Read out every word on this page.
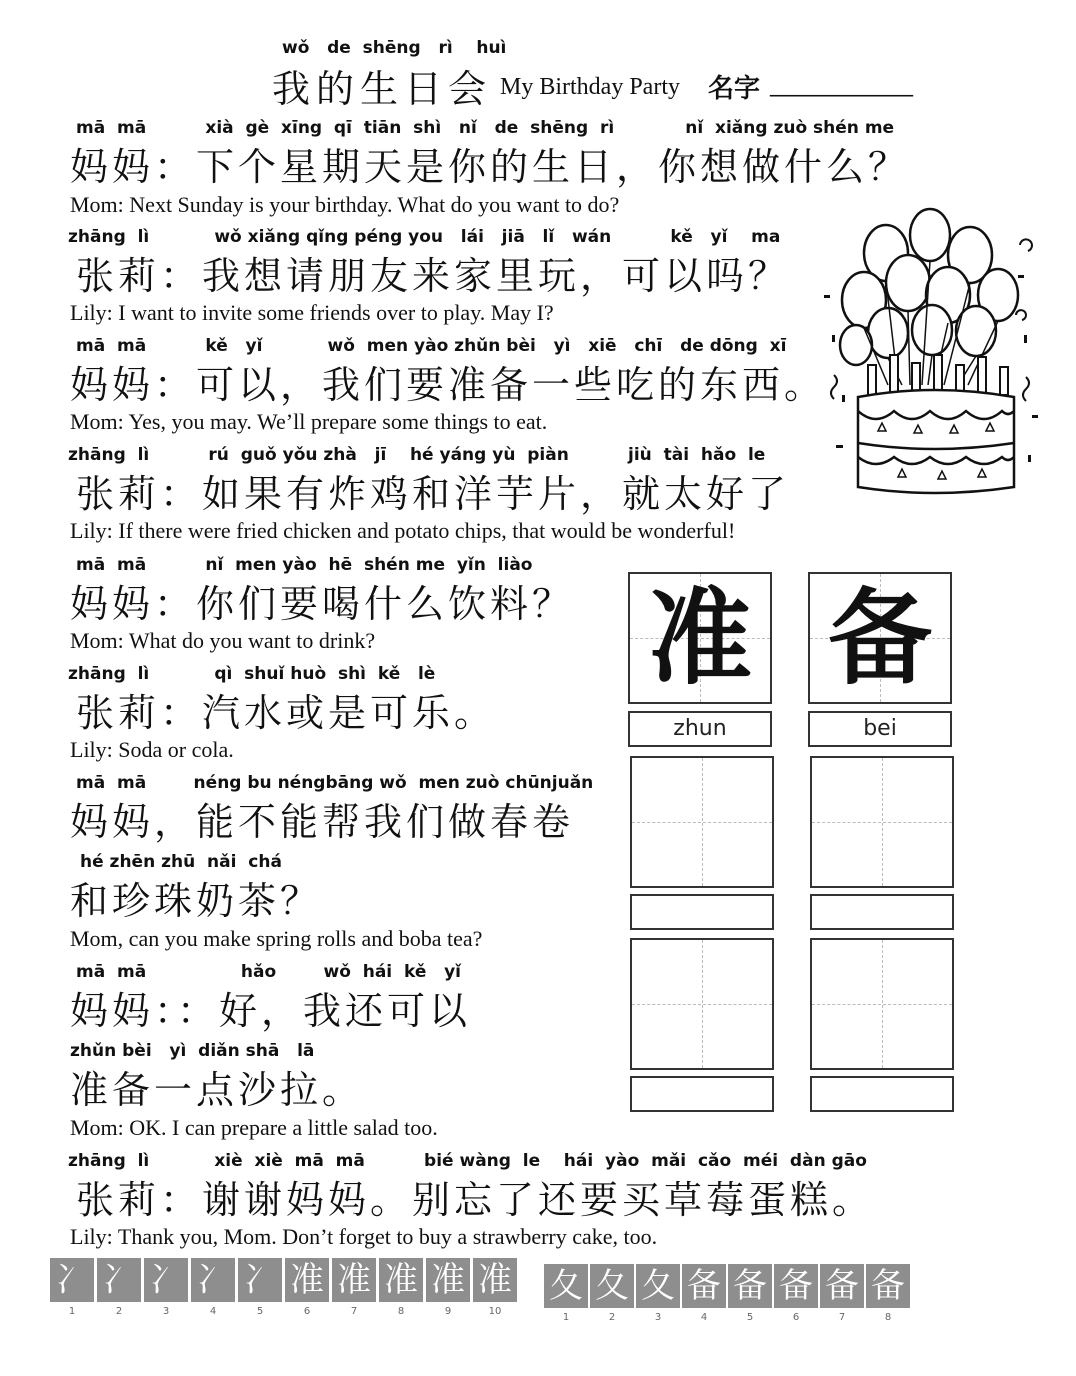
wǒ   de  shēng   rì    huì
我的生日会 My Birthday Party 名字 _____________
mā  mā          xià  gè  xīng  qī  tiān  shì   nǐ   de  shēng  rì            nǐ  xiǎng zuò shén me
妈妈：下个星期天是你的生日，你想做什么？
Mom: Next Sunday is your birthday. What do you want to do?
zhāng  lì           wǒ xiǎng qǐng péng you   lái   jiā   lǐ   wán          kě   yǐ    ma
张莉：我想请朋友来家里玩，可以吗？
Lily: I want to invite some friends over to play. May I?
mā  mā          kě   yǐ           wǒ  men yào zhǔn bèi   yì   xiē   chī   de dōng  xī
妈妈：可以，我们要准备一些吃的东西。
Mom: Yes, you may. We’ll prepare some things to eat.
zhāng  lì          rú  guǒ yǒu zhà   jī    hé yáng yù  piàn          jiù  tài  hǎo  le
张莉：如果有炸鸡和洋芋片，就太好了
Lily: If there were fried chicken and potato chips, that would be wonderful!
mā  mā          nǐ  men yào  hē  shén me  yǐn  liào
妈妈：你们要喝什么饮料？
Mom: What do you want to drink?
zhāng  lì           qì  shuǐ huò  shì  kě   lè
张莉：汽水或是可乐。
Lily: Soda or cola.
mā  mā        néng bu néngbāng wǒ  men zuò chūnjuǎn
妈妈，能不能帮我们做春卷
hé zhēn zhū  nǎi  chá
和珍珠奶茶？
Mom, can you make spring rolls and boba tea?
mā  mā                hǎo        wǒ  hái  kě   yǐ
妈妈：：好，我还可以
zhǔn bèi   yì  diǎn shā   lā
准备一点沙拉。
Mom: OK. I can prepare a little salad too.
zhāng  lì           xiè  xiè  mā  mā          bié wàng  le    hái  yào  mǎi  cǎo  méi  dàn gāo
张莉：谢谢妈妈。别忘了还要买草莓蛋糕。
Lily: Thank you, Mom. Don’t forget to buy a strawberry cake, too.
准
zhun
备
bei
冫 冫 冫 冫 冫 准 准 准 准 准
1	2	3	4	5	6	7	8	9	10
夂 夂 夂 备 备 备 备 备
1	2	3	4	5	6	7	8
